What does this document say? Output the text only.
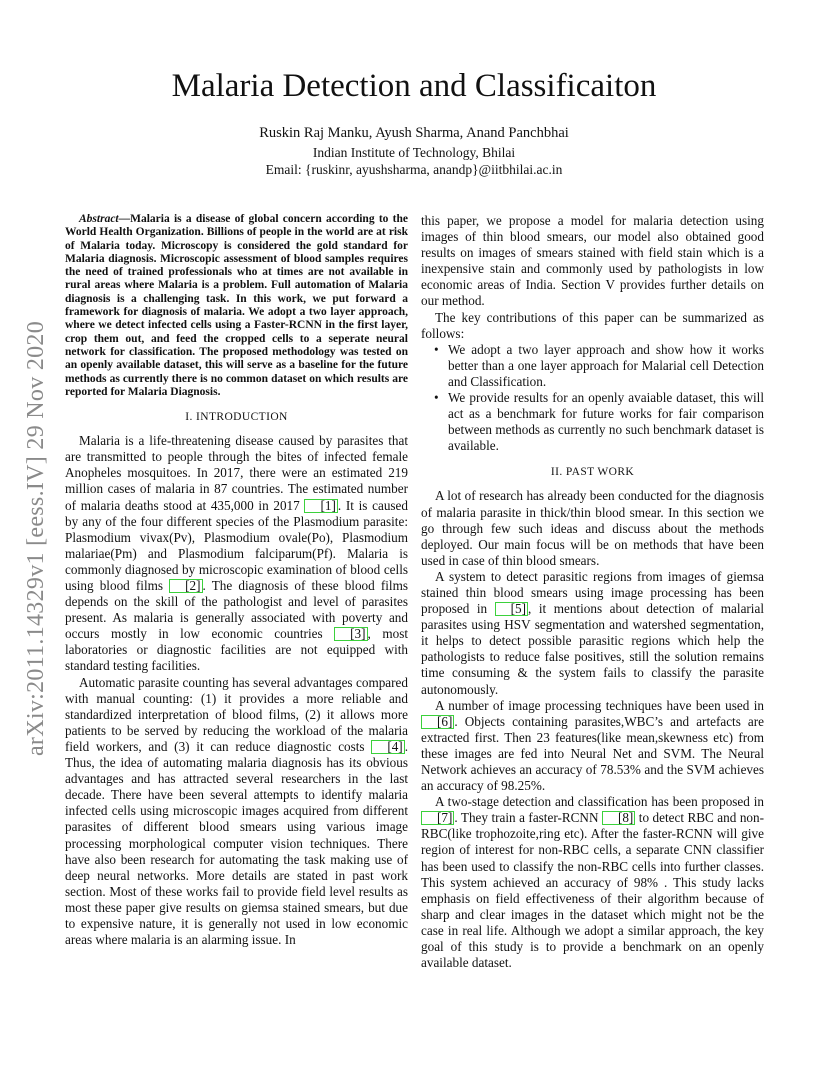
arXiv:2011.14329v1 [eess.IV] 29 Nov 2020
Malaria Detection and Classificaiton
Ruskin Raj Manku, Ayush Sharma, Anand Panchbhai
Indian Institute of Technology, Bhilai
Email: {ruskinr, ayushsharma, anandp}@iitbhilai.ac.in

Abstract—Malaria is a disease of global concern according to the World Health Organization. Billions of people in the world are at risk of Malaria today. Microscopy is considered the gold standard for Malaria diagnosis. Microscopic assessment of blood samples requires the need of trained professionals who at times are not available in rural areas where Malaria is a problem. Full automation of Malaria diagnosis is a challenging task. In this work, we put forward a framework for diagnosis of malaria. We adopt a two layer approach, where we detect infected cells using a Faster-RCNN in the first layer, crop them out, and feed the cropped cells to a seperate neural network for classification. The proposed methodology was tested on an openly available dataset, this will serve as a baseline for the future methods as currently there is no common dataset on which results are reported for Malaria Diagnosis.

I. INTRODUCTION

Malaria is a life-threatening disease caused by parasites that are transmitted to people through the bites of infected female Anopheles mosquitoes. In 2017, there were an estimated 219 million cases of malaria in 87 countries. The estimated number of malaria deaths stood at 435,000 in 2017 [1] . It is caused by any of the four different species of the Plasmodium parasite: Plasmodium vivax(Pv), Plasmodium ovale(Po), Plasmodium malariae(Pm) and Plasmodium falciparum(Pf). Malaria is commonly diagnosed by microscopic examination of blood cells using blood films [2] . The diagnosis of these blood films depends on the skill of the pathologist and level of parasites present. As malaria is generally associated with poverty and occurs mostly in low economic countries [3] , most laboratories or diagnostic facilities are not equipped with standard testing facilities.

Automatic parasite counting has several advantages compared with manual counting: (1) it provides a more reliable and standardized interpretation of blood films, (2) it allows more patients to be served by reducing the workload of the malaria field workers, and (3) it can reduce diagnostic costs [4] . Thus, the idea of automating malaria diagnosis has its obvious advantages and has attracted several researchers in the last decade. There have been several attempts to identify malaria infected cells using microscopic images acquired from different parasites of different blood smears using various image processing morphological computer vision techniques. There have also been research for automating the task making use of deep neural networks. More details are stated in past work section. Most of these works fail to provide field level results as most these paper give results on giemsa stained smears, but due to expensive nature, it is generally not used in low economic areas where malaria is an alarming issue. In

this paper, we propose a model for malaria detection using images of thin blood smears, our model also obtained good results on images of smears stained with field stain which is a inexpensive stain and commonly used by pathologists in low economic areas of India. Section V provides further details on our method.

The key contributions of this paper can be summarized as follows:

• We adopt a two layer approach and show how it works better than a one layer approach for Malarial cell Detection and Classification.
• We provide results for an openly avaiable dataset, this will act as a benchmark for future works for fair comparison between methods as currently no such benchmark dataset is available.
II. PAST WORK

A lot of research has already been conducted for the diagnosis of malaria parasite in thick/thin blood smear. In this section we go through few such ideas and discuss about the methods deployed. Our main focus will be on methods that have been used in case of thin blood smears.

A system to detect parasitic regions from images of giemsa stained thin blood smears using image processing has been proposed in [5] , it mentions about detection of malarial parasites using HSV segmentation and watershed segmentation, it helps to detect possible parasitic regions which help the pathologists to reduce false positives, still the solution remains time consuming & the system fails to classify the parasite autonomously.

A number of image processing techniques have been used in [6] . Objects containing parasites,WBC’s and artefacts are extracted first. Then 23 features(like mean,skewness etc) from these images are fed into Neural Net and SVM. The Neural Network achieves an accuracy of 78.53% and the SVM achieves an accuracy of 98.25%.

A two-stage detection and classification has been proposed in [7] . They train a faster-RCNN [8] to detect RBC and non-RBC(like trophozoite,ring etc). After the faster-RCNN will give region of interest for non-RBC cells, a separate CNN classifier has been used to classify the non-RBC cells into further classes. This system achieved an accuracy of 98% . This study lacks emphasis on field effectiveness of their algorithm because of sharp and clear images in the dataset which might not be the case in real life. Although we adopt a similar approach, the key goal of this study is to provide a benchmark on an openly available dataset.
